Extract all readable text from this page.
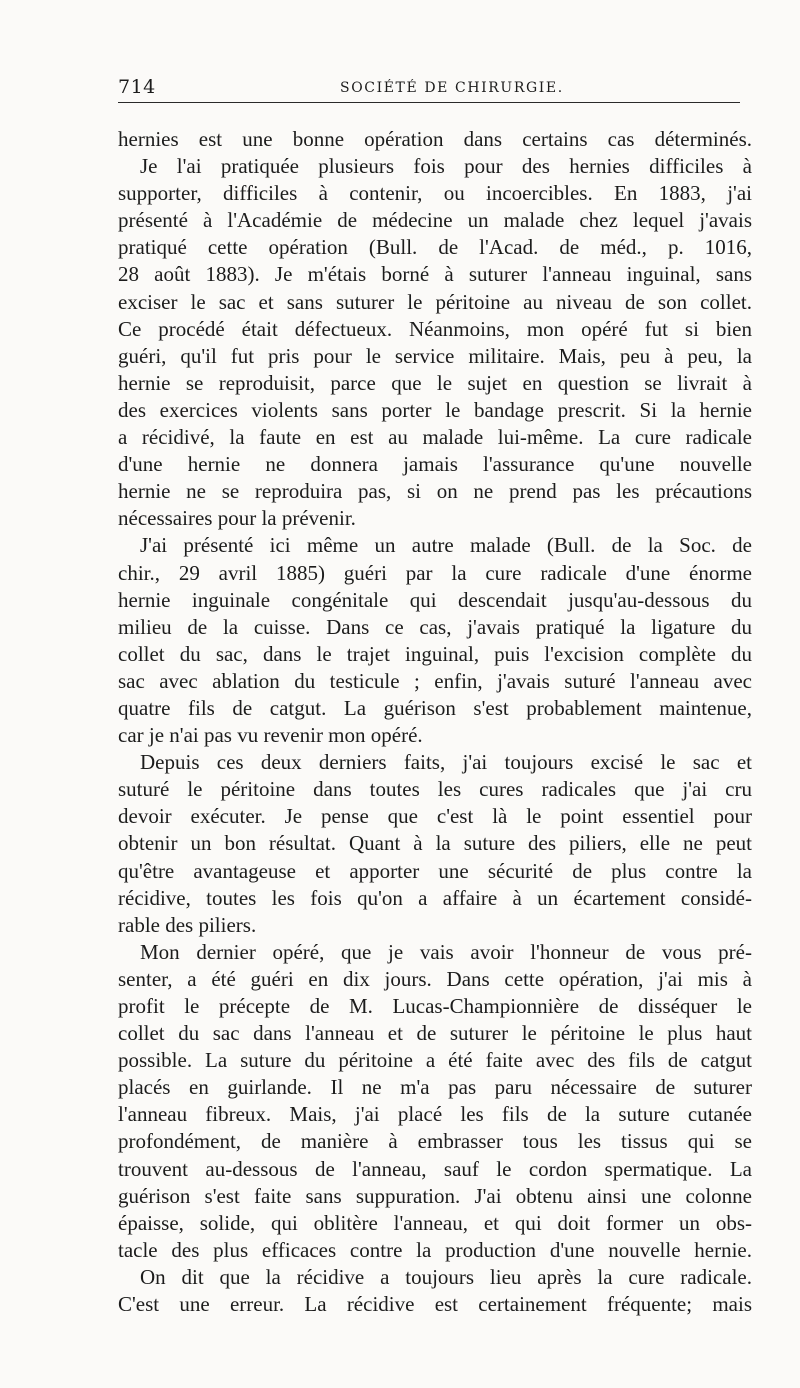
714	SOCIÉTÉ DE CHIRURGIE.
hernies est une bonne opération dans certains cas déterminés.
Je l'ai pratiquée plusieurs fois pour des hernies difficiles à
supporter, difficiles à contenir, ou incoercibles. En 1883, j'ai
présenté à l'Académie de médecine un malade chez lequel j'avais
pratiqué cette opération (Bull. de l'Acad. de méd., p. 1016,
28 août 1883). Je m'étais borné à suturer l'anneau inguinal, sans
exciser le sac et sans suturer le péritoine au niveau de son collet.
Ce procédé était défectueux. Néanmoins, mon opéré fut si bien
guéri, qu'il fut pris pour le service militaire. Mais, peu à peu, la
hernie se reproduisit, parce que le sujet en question se livrait à
des exercices violents sans porter le bandage prescrit. Si la hernie
a récidivé, la faute en est au malade lui-même. La cure radicale
d'une hernie ne donnera jamais l'assurance qu'une nouvelle
hernie ne se reproduira pas, si on ne prend pas les précautions
nécessaires pour la prévenir.
J'ai présenté ici même un autre malade (Bull. de la Soc. de
chir., 29 avril 1885) guéri par la cure radicale d'une énorme
hernie inguinale congénitale qui descendait jusqu'au-dessous du
milieu de la cuisse. Dans ce cas, j'avais pratiqué la ligature du
collet du sac, dans le trajet inguinal, puis l'excision complète du
sac avec ablation du testicule ; enfin, j'avais suturé l'anneau avec
quatre fils de catgut. La guérison s'est probablement maintenue,
car je n'ai pas vu revenir mon opéré.
Depuis ces deux derniers faits, j'ai toujours excisé le sac et
suturé le péritoine dans toutes les cures radicales que j'ai cru
devoir exécuter. Je pense que c'est là le point essentiel pour
obtenir un bon résultat. Quant à la suture des piliers, elle ne peut
qu'être avantageuse et apporter une sécurité de plus contre la
récidive, toutes les fois qu'on a affaire à un écartement considé-
rable des piliers.
Mon dernier opéré, que je vais avoir l'honneur de vous pré-
senter, a été guéri en dix jours. Dans cette opération, j'ai mis à
profit le précepte de M. Lucas-Championnière de disséquer le
collet du sac dans l'anneau et de suturer le péritoine le plus haut
possible. La suture du péritoine a été faite avec des fils de catgut
placés en guirlande. Il ne m'a pas paru nécessaire de suturer
l'anneau fibreux. Mais, j'ai placé les fils de la suture cutanée
profondément, de manière à embrasser tous les tissus qui se
trouvent au-dessous de l'anneau, sauf le cordon spermatique. La
guérison s'est faite sans suppuration. J'ai obtenu ainsi une colonne
épaisse, solide, qui oblitère l'anneau, et qui doit former un obs-
tacle des plus efficaces contre la production d'une nouvelle hernie.
On dit que la récidive a toujours lieu après la cure radicale.
C'est une erreur. La récidive est certainement fréquente; mais
